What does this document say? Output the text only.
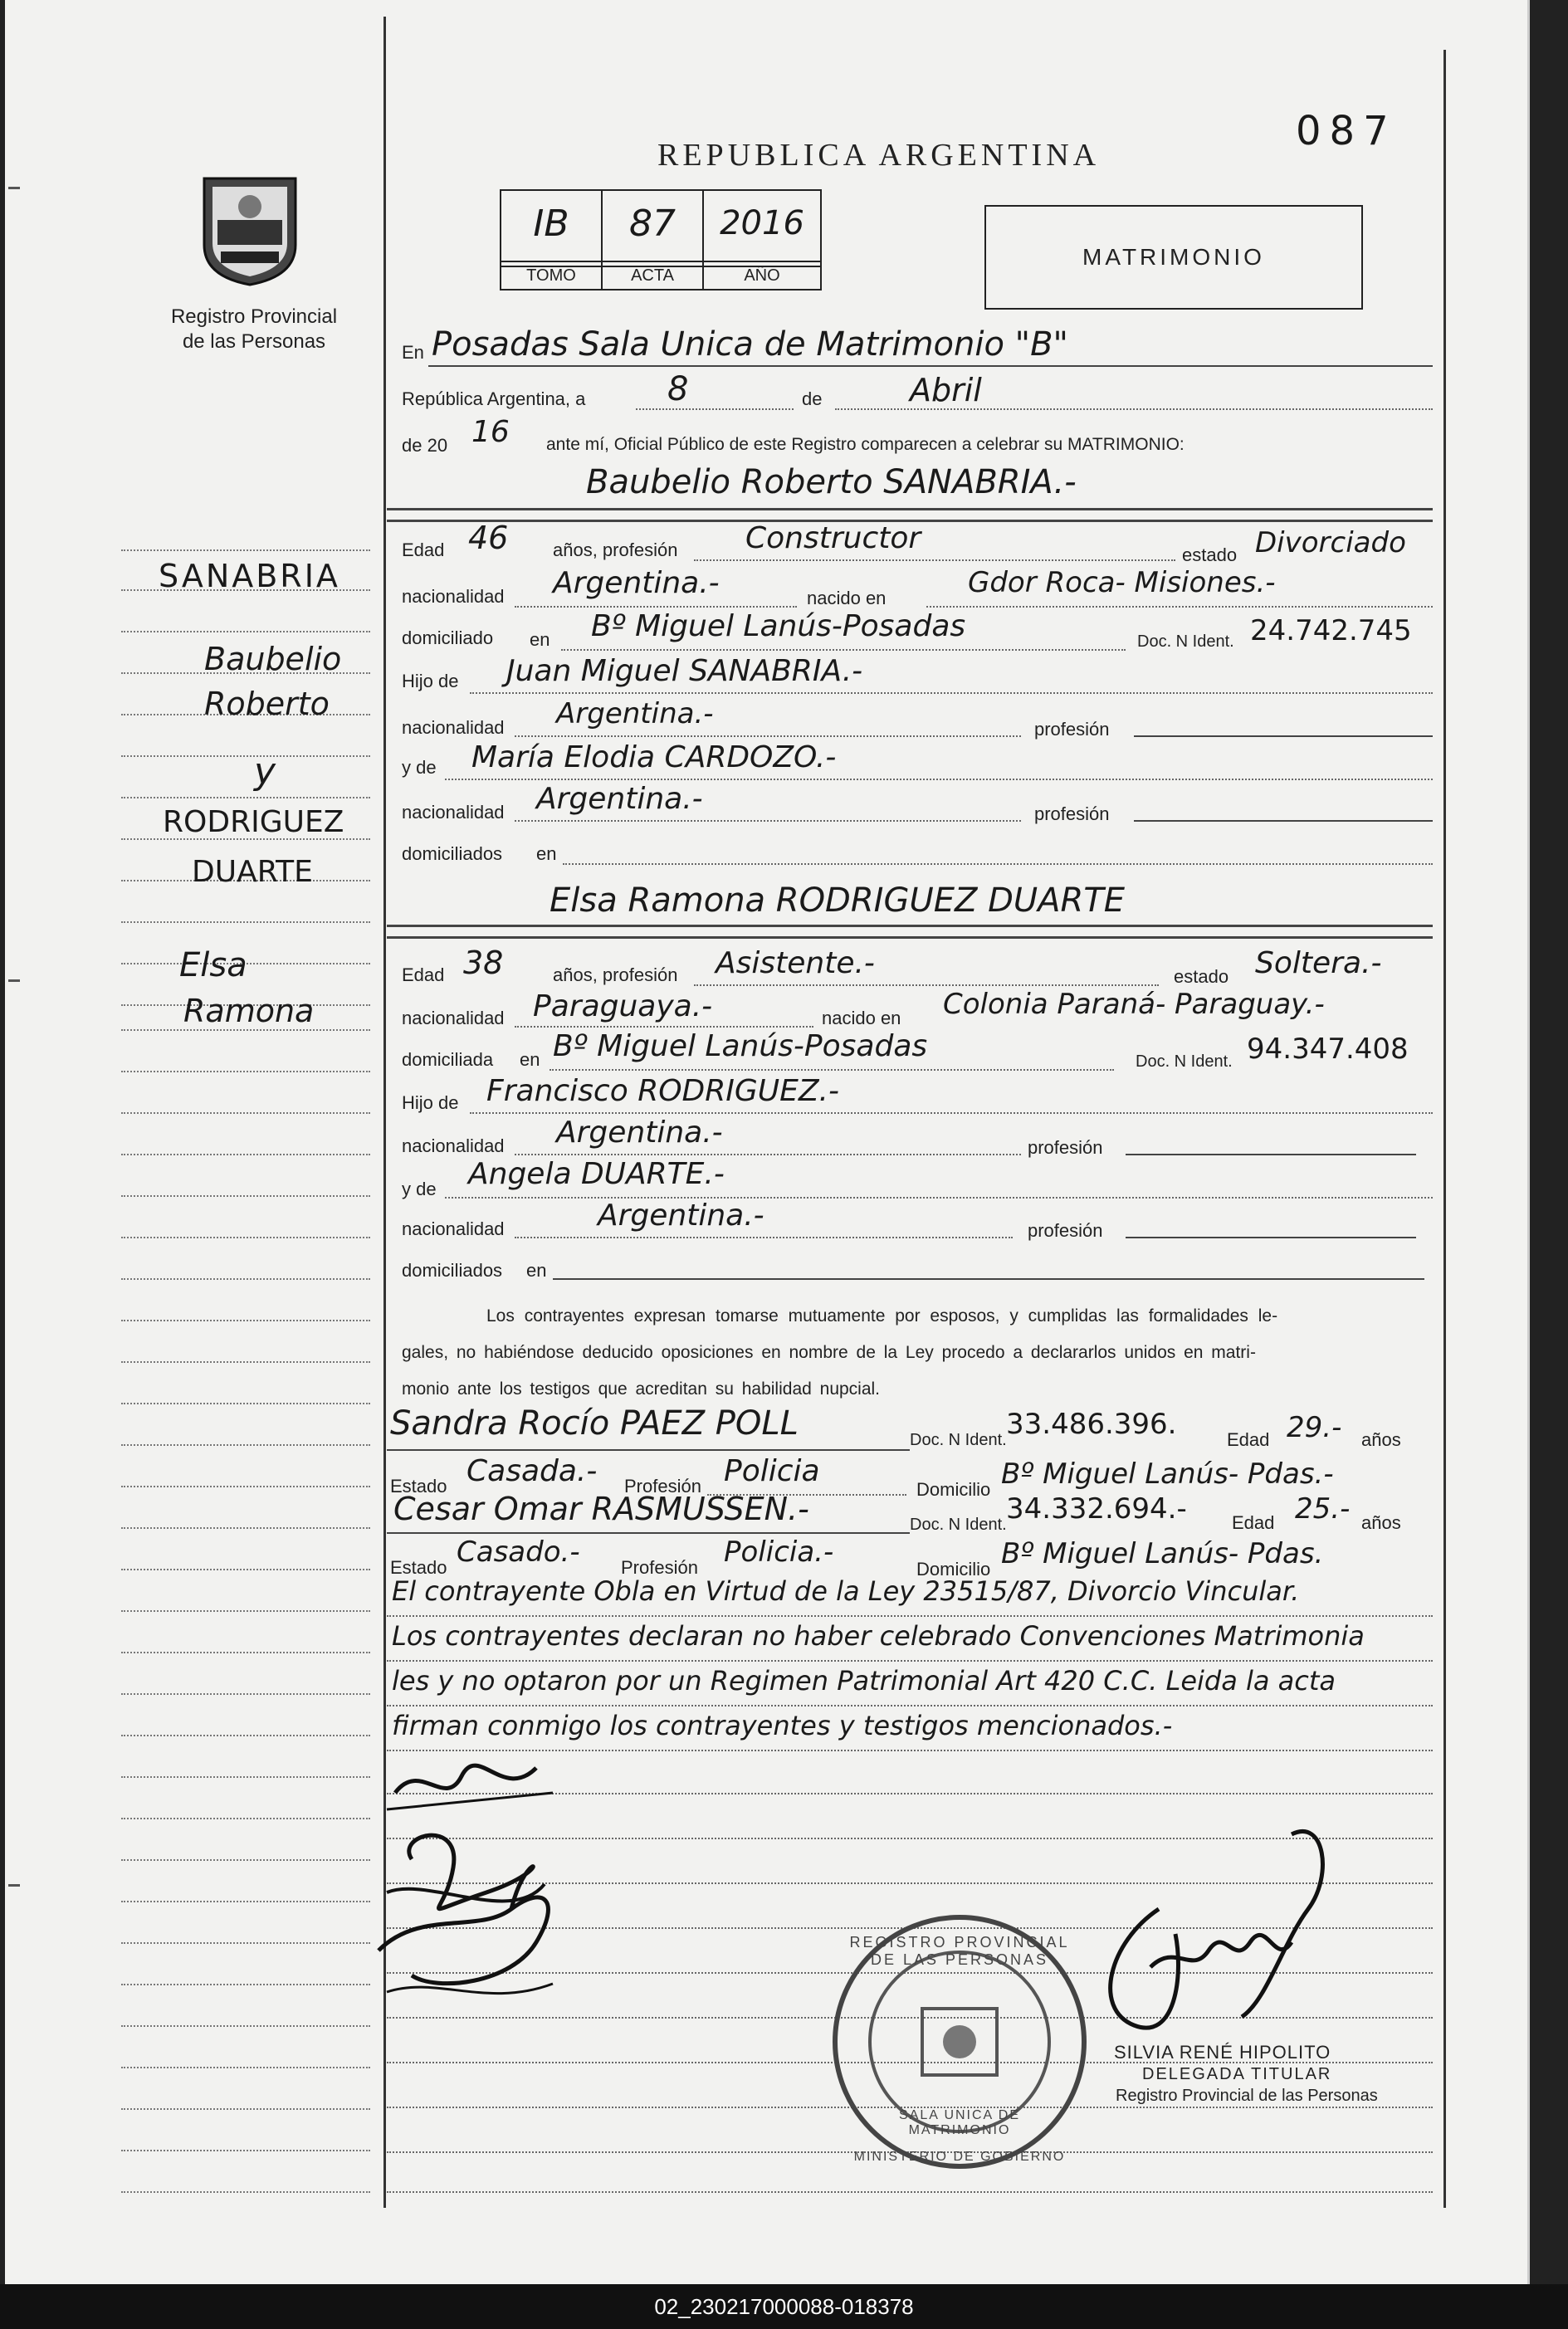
087
REPUBLICA ARGENTINA
Registro Provincial
de las Personas
IB	87	2016
TOMO	ACTA	AÑO
MATRIMONIO
SANABRIA
Baubelio
Roberto
y
RODRIGUEZ
DUARTE
Elsa
Ramona
En Posadas Sala Unica de Matrimonio "B"
República Argentina, a 8	de	Abril
de 20 16 ante mí, Oficial Público de este Registro comparecen a celebrar su MATRIMONIO:
Baubelio Roberto SANABRIA.-
Edad 46 años, profesión Constructor	estado Divorciado
nacionalidad Argentina.-	nacido en	Gdor Roca- Misiones.-
domiciliado en Bº Miguel Lanús-Posadas	Doc. N Ident. 24.742.745
Hijo de Juan Miguel SANABRIA.-
nacionalidad Argentina.-	profesión
y de María Elodia CARDOZO.-
nacionalidad Argentina.-	profesión
domiciliados en
Elsa Ramona RODRIGUEZ DUARTE
Edad 38	años, profesión Asistente.-	estado Soltera.-
nacionalidad Paraguaya.-	nacido en Colonia Paraná- Paraguay.-
domiciliada en Bº Miguel Lanús-Posadas	Doc. N Ident. 94.347.408
Hijo de Francisco RODRIGUEZ.-
nacionalidad Argentina.-	profesión
y de Angela DUARTE.-
nacionalidad	Argentina.-	profesión
domiciliados en
Los contrayentes expresan tomarse mutuamente por esposos, y cumplidas las formalidades le-
gales, no habiéndose deducido oposiciones en nombre de la Ley procedo a declararlos unidos en matri-
monio ante los testigos que acreditan su habilidad nupcial.
Sandra Rocío PAEZ POLL	Doc. N Ident. 33.486.396.	Edad 29.- años
Estado Casada.- Profesión Policia
Domicilio Bº Miguel Lanús- Pdas.-
Cesar Omar RASMUSSEN.-	Doc. N Ident. 34.332.694.- Edad 25.- años
Estado Casado.- Profesión Policia.-
Domicilio Bº Miguel Lanús- Pdas.
El contrayente Obla en Virtud de la Ley 23515/87, Divorcio Vincular.
Los contrayentes declaran no haber celebrado Convenciones Matrimonia
les y no optaron por un Regimen Patrimonial Art 420 C.C. Leida la acta
firman conmigo los contrayentes y testigos mencionados.-
REGISTRO PROVINCIAL DE LAS PERSONAS
SALA UNICA DE MATRIMONIO
MINISTERIO DE GOBIERNO
SILVIA RENÉ HIPOLITO
DELEGADA TITULAR
Registro Provincial de las Personas
02_230217000088-018378
